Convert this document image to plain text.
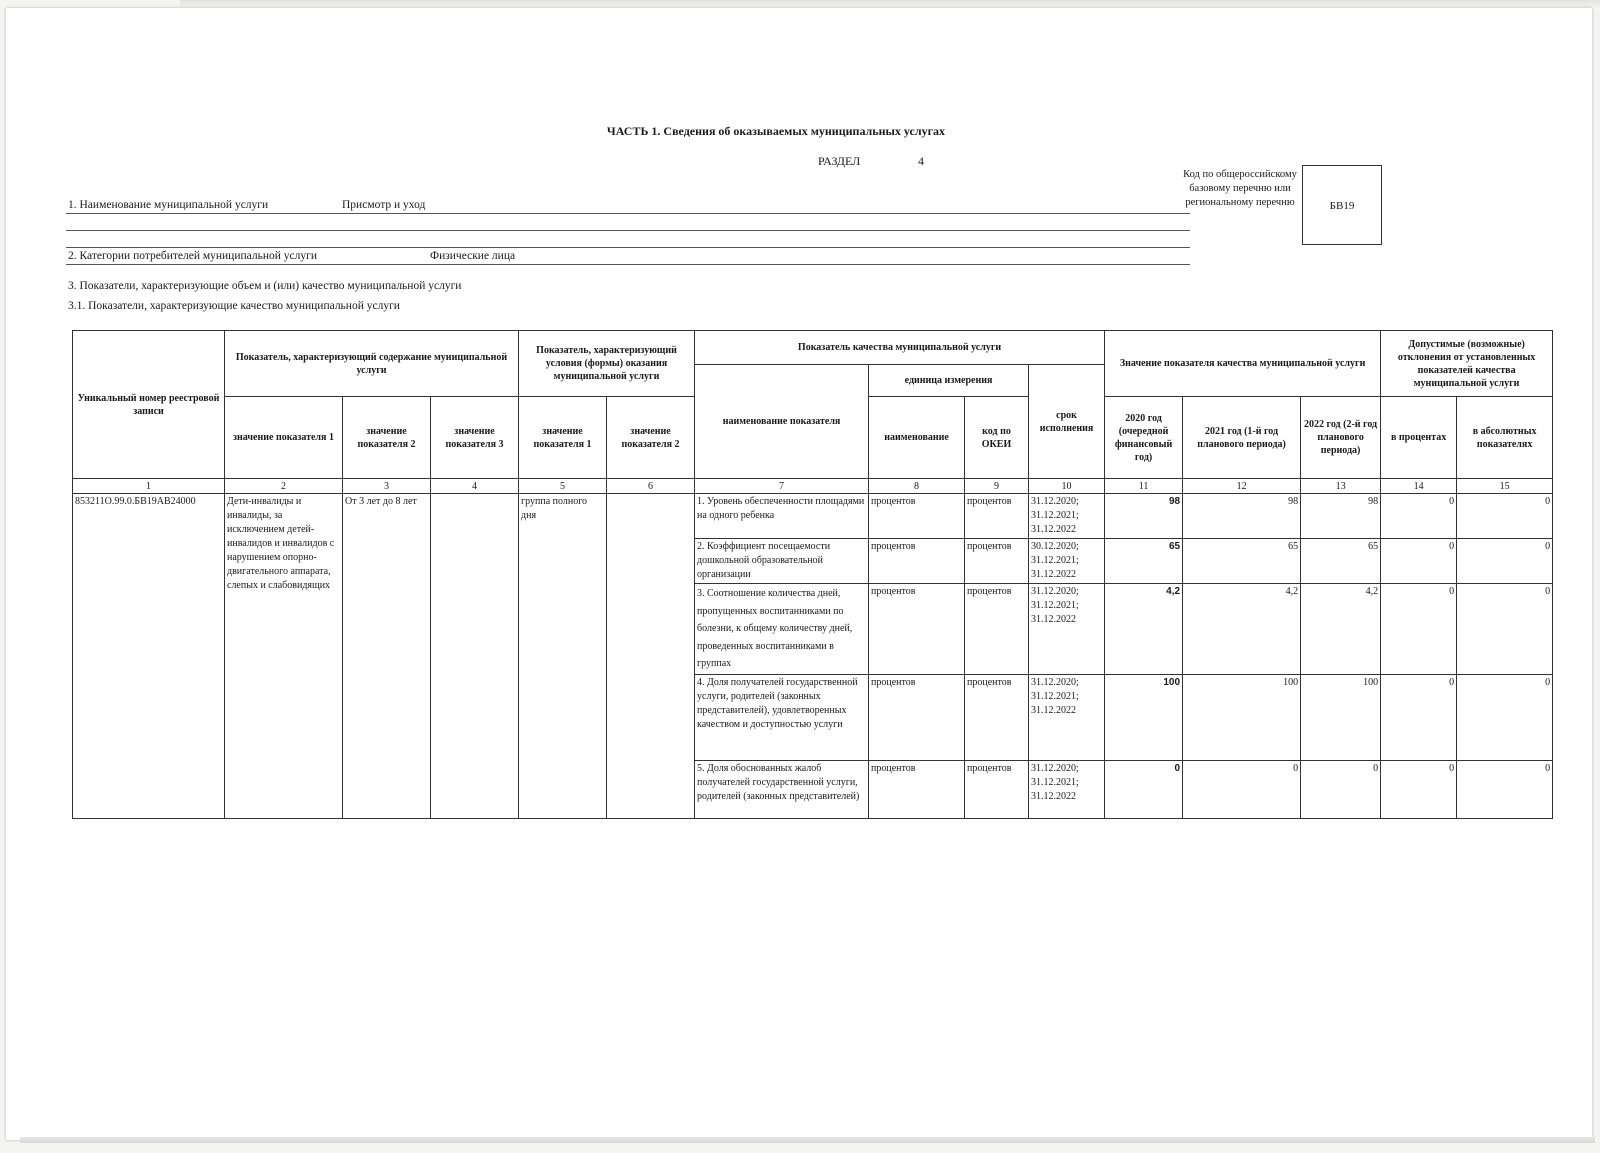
ЧАСТЬ 1. Сведения об оказываемых муниципальных услугах
РАЗДЕЛ	4
1. Наименование муниципальной услуги	Присмотр и уход
2. Категории потребителей муниципальной услуги	Физические лица
Код по общероссийскому базовому перечню или региональному перечню	БВ19
3. Показатели, характеризующие объем и (или) качество муниципальной услуги
3.1. Показатели, характеризующие качество муниципальной услуги
Уникальный номер реестровой записи	Показатель, характеризующий содержание муниципальной услуги			Показатель, характеризующий условия (формы) оказания муниципальной услуги		Показатель качества муниципальной услуги				Значение показателя качества муниципальной услуги			Допустимые (возможные) отклонения от установленных показателей качества муниципальной услуги	
						наименование показателя	единица измерения		срок исполнения					
	значение показателя 1	значение показателя 2	значение показателя 3	значение показателя 1	значение показателя 2		наименование	код по ОКЕИ		2020 год (очередной финансовый год)	2021 год (1-й год планового периода)	2022 год (2-й год планового периода)	в процентах	в абсолютных показателях
1	2	3	4	5	6	7	8	9	10	11	12	13	14	15
853211О.99.0.БВ19АВ24000	Дети-инвалиды и инвалиды, за исключением детей-инвалидов и инвалидов с нарушением опорно-двигательного аппарата, слепых и слабовидящих	От 3 лет до 8 лет		группа полного дня		1. Уровень обеспеченности площадями на одного ребенка	процентов	процентов	31.12.2020; 31.12.2021; 31.12.2022	98	98	98	0	0
						2. Коэффициент посещаемости дошкольной образовательной организации	процентов	процентов	30.12.2020; 31.12.2021; 31.12.2022	65	65	65	0	0
						3. Соотношение количества дней, пропущенных воспитанниками по болезни, к общему количеству дней, проведенных воспитанниками в группах	процентов	процентов	31.12.2020; 31.12.2021; 31.12.2022	4,2	4,2	4,2	0	0
						4. Доля получателей государственной услуги, родителей (законных представителей), удовлетворенных качеством и доступностью услуги	процентов	процентов	31.12.2020; 31.12.2021; 31.12.2022	100	100	100	0	0
						5. Доля обоснованных жалоб получателей государственной услуги, родителей (законных представителей)	процентов	процентов	31.12.2020; 31.12.2021; 31.12.2022	0	0	0	0	0
